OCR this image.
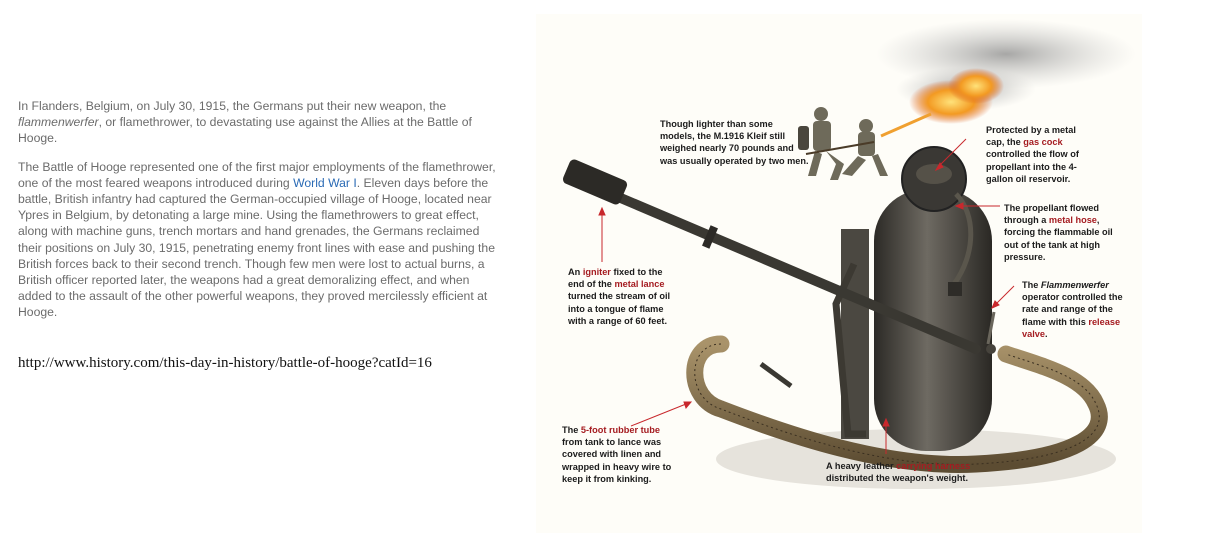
In Flanders, Belgium, on July 30, 1915, the Germans put their new weapon, the flammenwerfer, or flamethrower, to devastating use against the Allies at the Battle of Hooge.

The Battle of Hooge represented one of the first major employments of the flamethrower, one of the most feared weapons introduced during World War I. Eleven days before the battle, British infantry had captured the German-occupied village of Hooge, located near Ypres in Belgium, by detonating a large mine. Using the flamethrowers to great effect, along with machine guns, trench mortars and hand grenades, the Germans reclaimed their positions on July 30, 1915, penetrating enemy front lines with ease and pushing the British forces back to their second trench. Though few men were lost to actual burns, a British officer reported later, the weapons had a great demoralizing effect, and when added to the assault of the other powerful weapons, they proved mercilessly efficient at Hooge.

http://www.history.com/this-day-in-history/battle-of-hooge?catId=16
Though lighter than some models, the M.1916 Kleif still weighed nearly 70 pounds and was usually operated by two men.
Protected by a metal cap, the gas cock controlled the flow of propellant into the 4-gallon oil reservoir.
The propellant flowed through a metal hose, forcing the flammable oil out of the tank at high pressure.
An igniter fixed to the end of the metal lance turned the stream of oil into a tongue of flame with a range of 60 feet.
The Flammenwerfer operator controlled the rate and range of the flame with this release valve.
The 5-foot rubber tube from tank to lance was covered with linen and wrapped in heavy wire to keep it from kinking.
A heavy leather carrying harness distributed the weapon's weight.
